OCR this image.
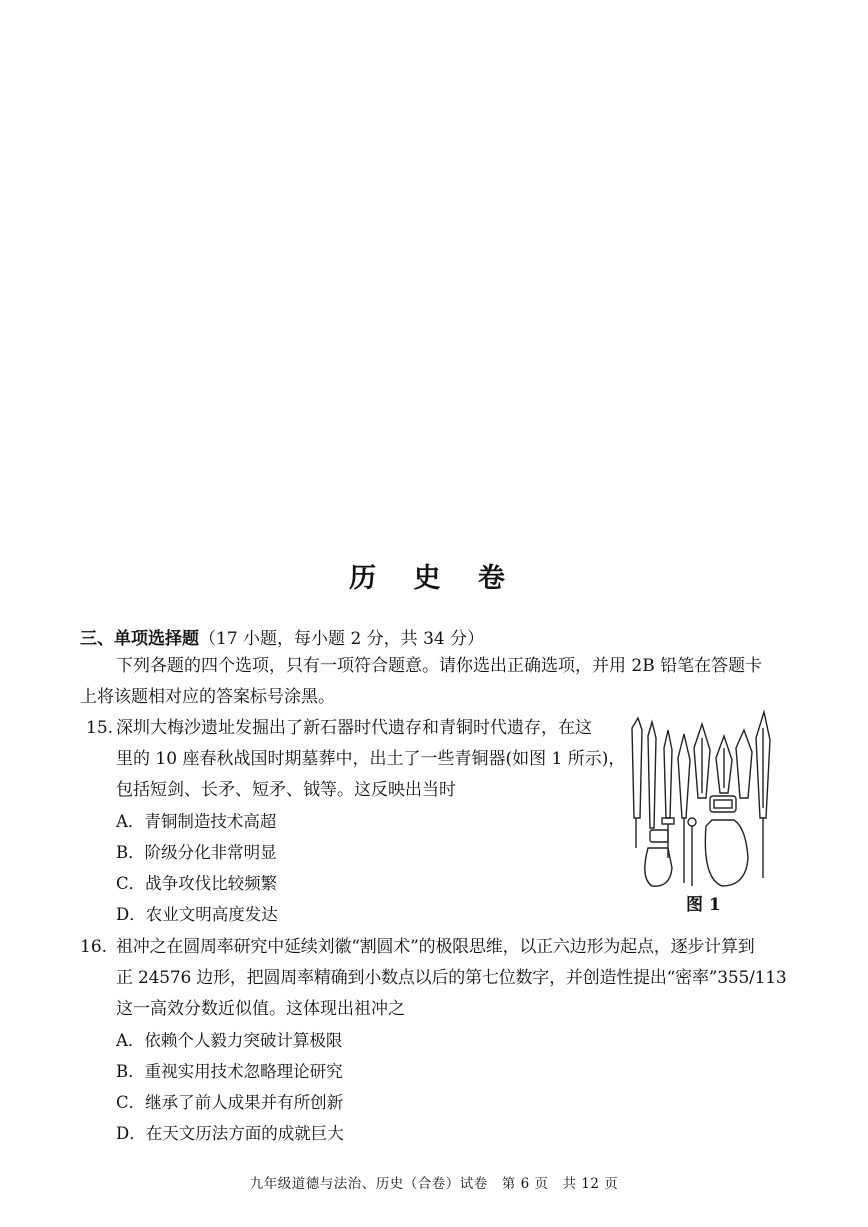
历 史 卷
三、单项选择题（17 小题，每小题 2 分，共 34 分）
下列各题的四个选项，只有一项符合题意。请你选出正确选项，并用 2B 铅笔在答题卡
上将该题相对应的答案标号涂黑。
15. 深圳大梅沙遗址发掘出了新石器时代遗存和青铜时代遗存，在这
里的 10 座春秋战国时期墓葬中，出土了一些青铜器(如图 1 所示)，
包括短剑、长矛、短矛、钺等。这反映出当时
A．青铜制造技术高超
B．阶级分化非常明显
C．战争攻伐比较频繁
D．农业文明高度发达	图 1
16. 祖冲之在圆周率研究中延续刘徽“割圆术”的极限思维，以正六边形为起点，逐步计算到
正 24576 边形，把圆周率精确到小数点以后的第七位数字，并创造性提出“密率”355/113
这一高效分数近似值。这体现出祖冲之
A．依赖个人毅力突破计算极限
B．重视实用技术忽略理论研究
C．继承了前人成果并有所创新
D．在天文历法方面的成就巨大
九年级道德与法治、历史（合卷）试卷　第 6 页　共 12 页
